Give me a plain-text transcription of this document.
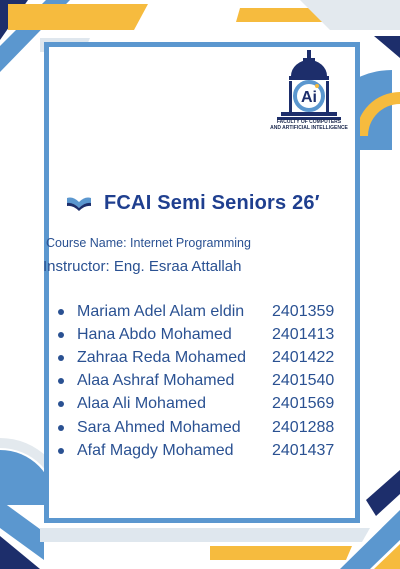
Ai
FACULTY OF COMPUTERS
AND ARTIFICIAL INTELLIGENCE
FCAI Semi Seniors 26′
Course Name: Internet Programming
Instructor: Eng. Esraa Attallah
Mariam Adel Alam eldin	2401359
Hana Abdo Mohamed	2401413
Zahraa Reda Mohamed	2401422
Alaa Ashraf Mohamed	2401540
Alaa Ali Mohamed	2401569
Sara Ahmed Mohamed	2401288
Afaf Magdy Mohamed	2401437
